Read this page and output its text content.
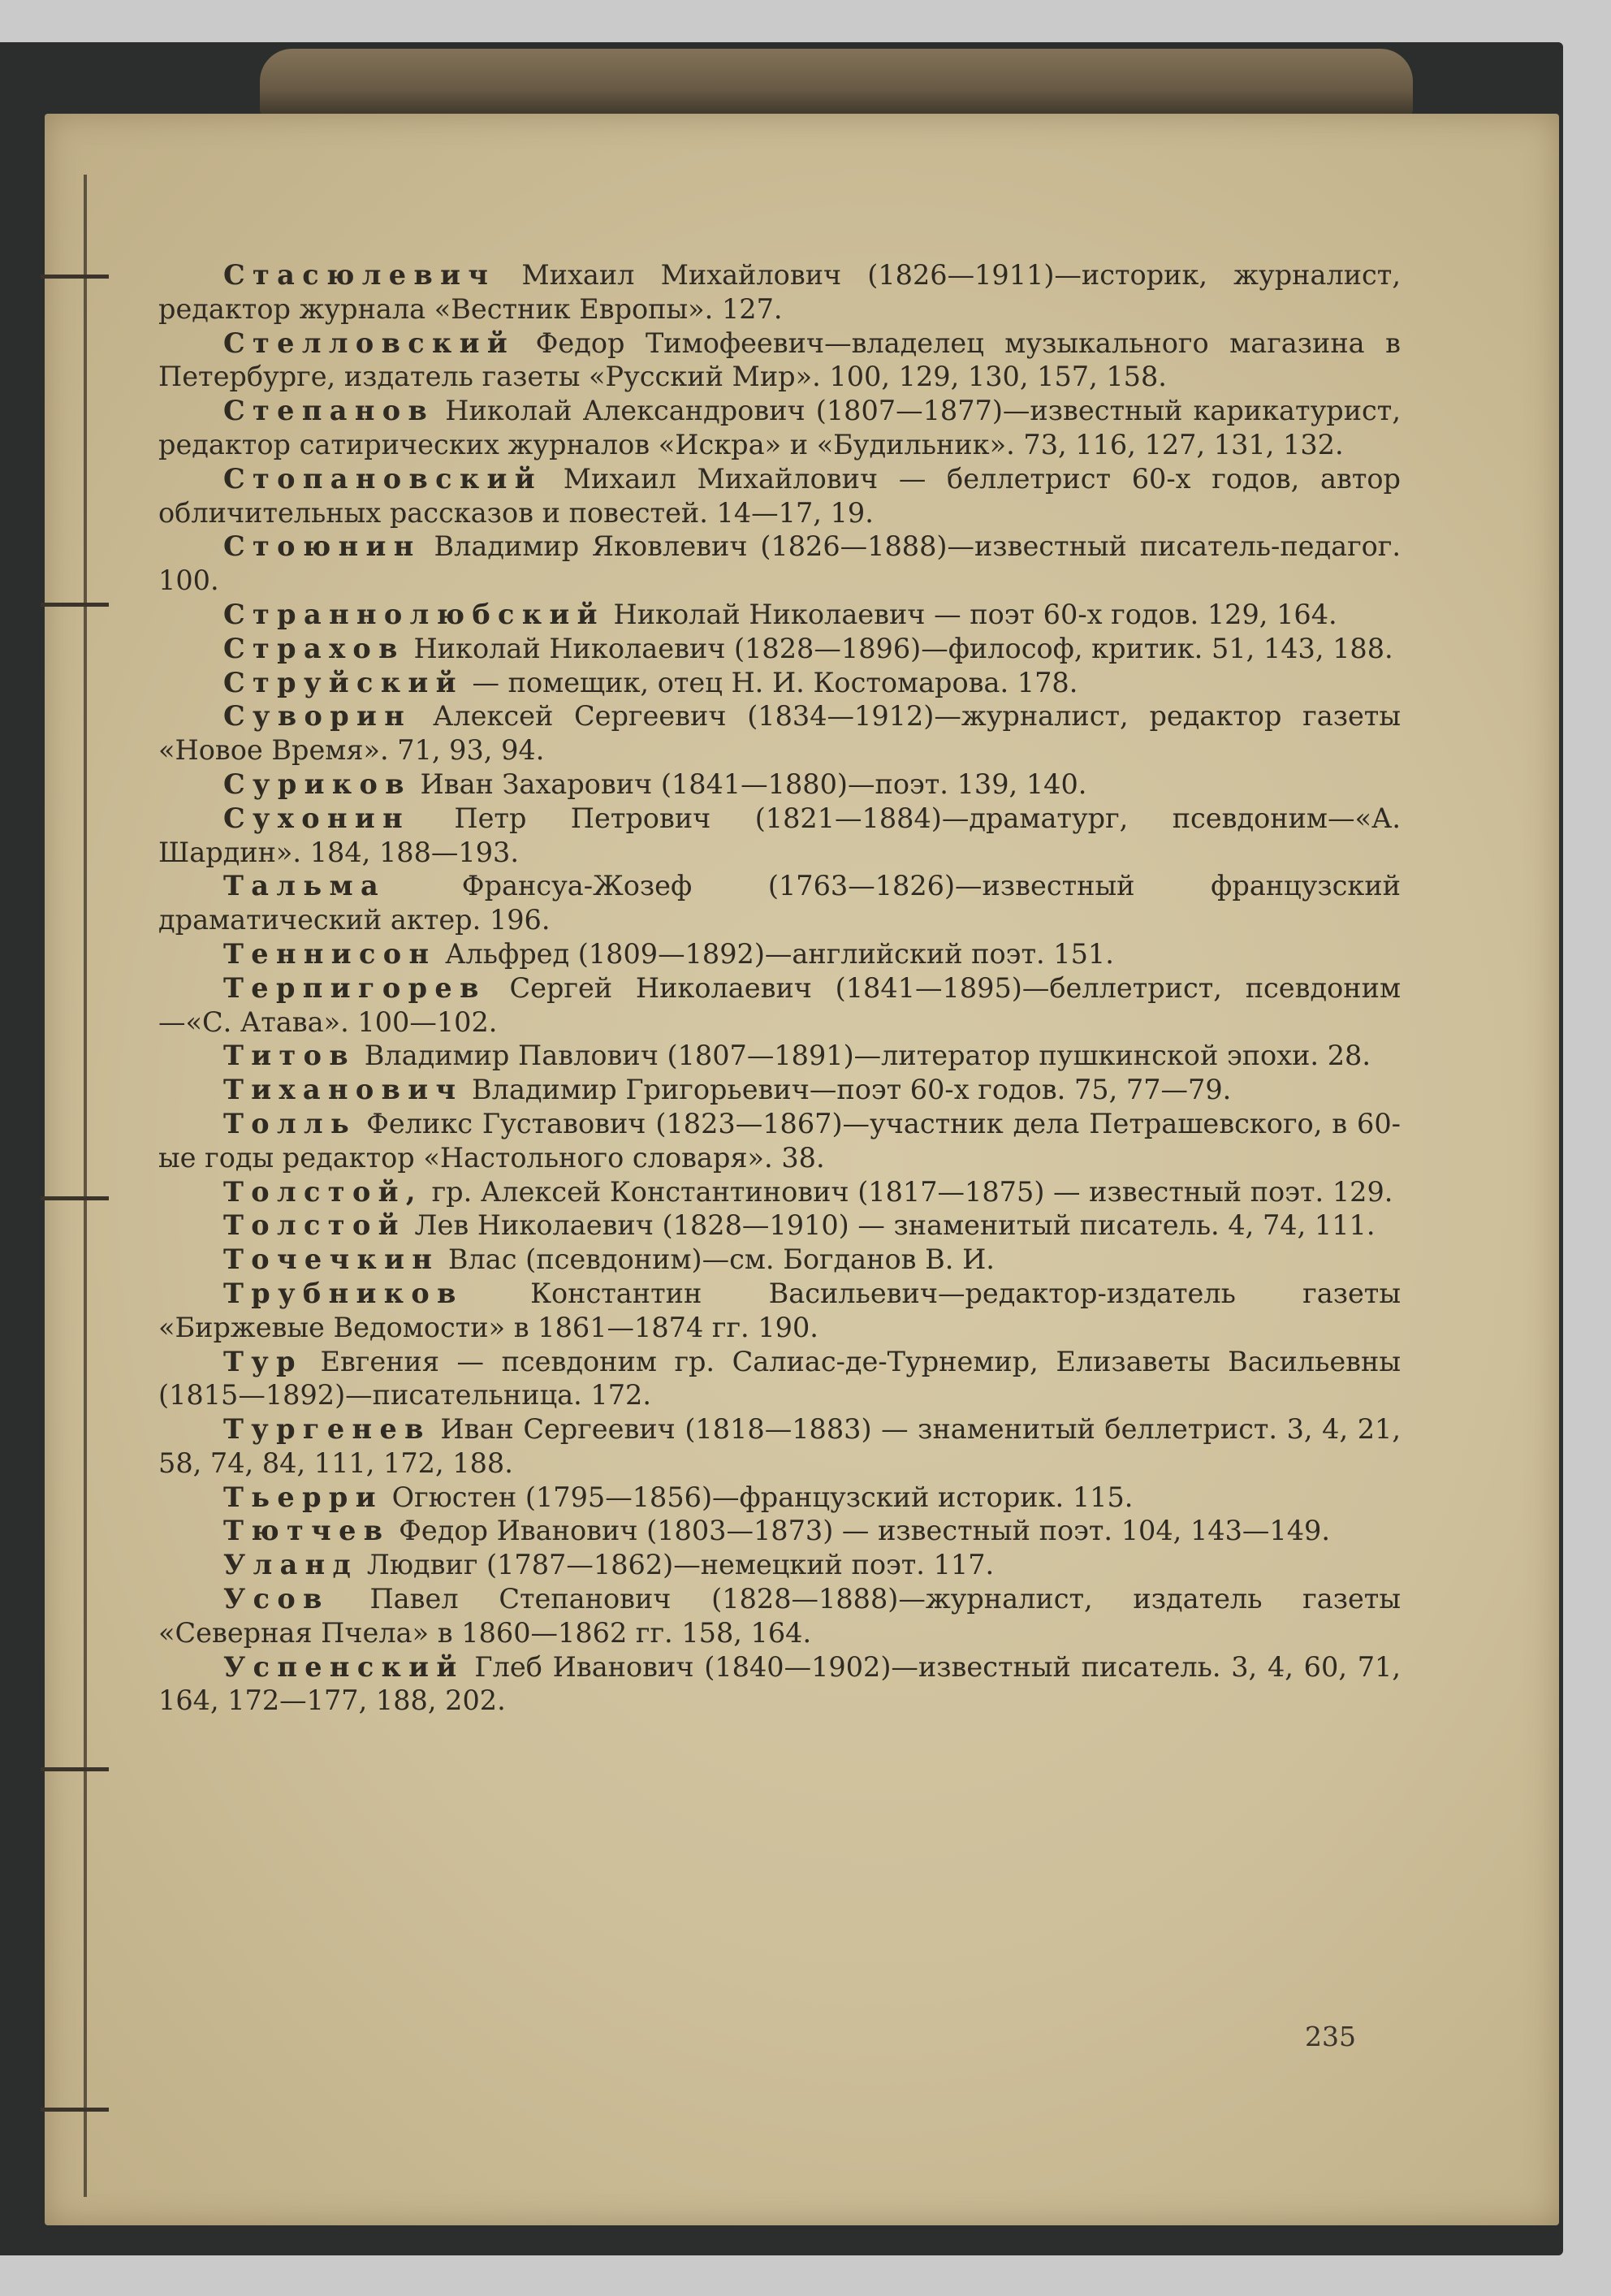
Стасюлевич Михаил Михайлович (1826—1911)—историк, журналист, редактор журнала «Вестник Европы». 127.

Стелловский Федор Тимофеевич—владелец музыкального магазина в Петербурге, издатель газеты «Русский Мир». 100, 129, 130, 157, 158.

Степанов Николай Александрович (1807—1877)—известный карикатурист, редактор сатирических журналов «Искра» и «Будильник». 73, 116, 127, 131, 132.

Стопановский Михаил Михайлович — беллетрист 60-х годов, автор обличительных рассказов и повестей. 14—17, 19.

Стоюнин Владимир Яковлевич (1826—1888)—известный писатель-педагог. 100.

Страннолюбский Николай Николаевич — поэт 60-х годов. 129, 164.

Страхов Николай Николаевич (1828—1896)—философ, критик. 51, 143, 188.

Струйский — помещик, отец Н. И. Костомарова. 178.

Суворин Алексей Сергеевич (1834—1912)—журналист, редактор газеты «Новое Время». 71, 93, 94.

Суриков Иван Захарович (1841—1880)—поэт. 139, 140.

Сухонин Петр Петрович (1821—1884)—драматург, псевдоним—«А. Шардин». 184, 188—193.

Тальма Франсуа-Жозеф (1763—1826)—известный французский драматический актер. 196.

Теннисон Альфред (1809—1892)—английский поэт. 151.

Терпигорев Сергей Николаевич (1841—1895)—беллетрист, псевдоним—«С. Атава». 100—102.

Титов Владимир Павлович (1807—1891)—литератор пушкинской эпохи. 28.

Тиханович Владимир Григорьевич—поэт 60-х годов. 75, 77—79.

Толль Феликс Густавович (1823—1867)—участник дела Петрашевского, в 60-ые годы редактор «Настольного словаря». 38.

Толстой, гр. Алексей Константинович (1817—1875) — известный поэт. 129.

Толстой Лев Николаевич (1828—1910) — знаменитый писатель. 4, 74, 111.

Точечкин Влас (псевдоним)—см. Богданов В. И.

Трубников Константин Васильевич—редактор-издатель газеты «Биржевые Ведомости» в 1861—1874 гг. 190.

Тур Евгения — псевдоним гр. Салиас-де-Турнемир, Елизаветы Васильевны (1815—1892)—писательница. 172.

Тургенев Иван Сергеевич (1818—1883) — знаменитый беллетрист. 3, 4, 21, 58, 74, 84, 111, 172, 188.

Тьерри Огюстен (1795—1856)—французский историк. 115.

Тютчев Федор Иванович (1803—1873) — известный поэт. 104, 143—149.

Уланд Людвиг (1787—1862)—немецкий поэт. 117.

Усов Павел Степанович (1828—1888)—журналист, издатель газеты «Северная Пчела» в 1860—1862 гг. 158, 164.

Успенский Глеб Иванович (1840—1902)—известный писатель. 3, 4, 60, 71, 164, 172—177, 188, 202.

235
